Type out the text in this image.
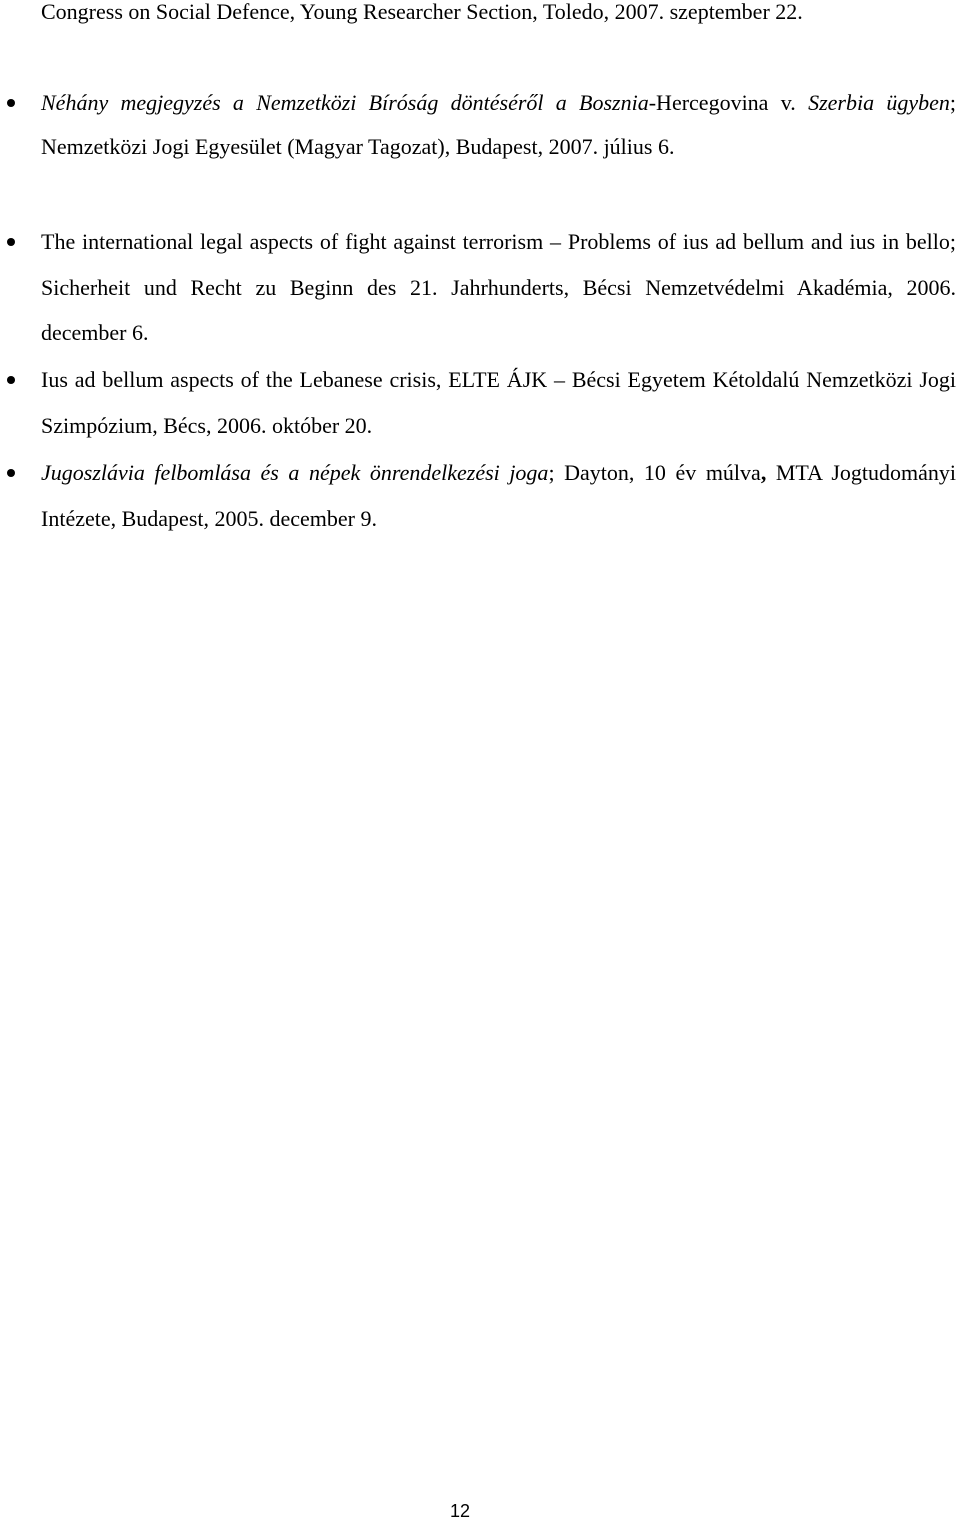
Congress on Social Defence, Young Researcher Section, Toledo, 2007. szeptember 22.

Néhány megjegyzés a Nemzetközi Bíróság döntéséről a Bosznia-Hercegovina v. Szerbia ügyben; Nemzetközi Jogi Egyesület (Magyar Tagozat), Budapest, 2007. július 6.

The international legal aspects of fight against terrorism – Problems of ius ad bellum and ius in bello; Sicherheit und Recht zu Beginn des 21. Jahrhunderts, Bécsi Nemzetvédelmi Akadémia, 2006. december 6.

Ius ad bellum aspects of the Lebanese crisis, ELTE ÁJK – Bécsi Egyetem Kétoldalú Nemzetközi Jogi Szimpózium, Bécs, 2006. október 20.

Jugoszlávia felbomlása és a népek önrendelkezési joga; Dayton, 10 év múlva, MTA Jogtudományi Intézete, Budapest, 2005. december 9.

12
